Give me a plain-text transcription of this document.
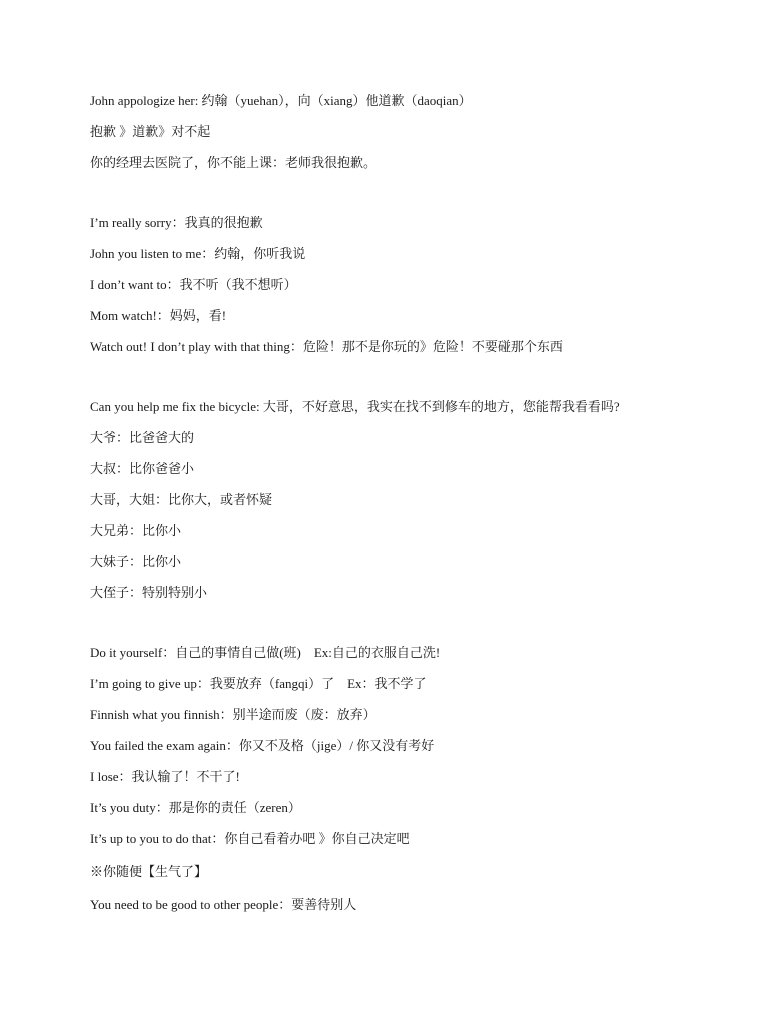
John appologize her: 约翰（yuehan），向（xiang）他道歉（daoqian）
抱歉 》道歉》对不起
你的经理去医院了，你不能上课：老师我很抱歉。
I’m really sorry：我真的很抱歉
John you listen to me：约翰，你听我说
I don’t want to：我不听（我不想听）
Mom watch!：妈妈，看!
Watch out! I don’t play with that thing：危险！那不是你玩的》危险！不要碰那个东西
Can you help me fix the bicycle: 大哥，不好意思，我实在找不到修车的地方，您能帮我看看吗?
大爷：比爸爸大的
大叔：比你爸爸小
大哥，大姐：比你大，或者怀疑
大兄弟：比你小
大妹子：比你小
大侄子：特别特别小
Do it yourself：自己的事情自己做(班)　Ex:自己的衣服自己洗!
I’m going to give up：我要放弃（fangqi）了　Ex：我不学了
Finnish what you finnish：别半途而废（废：放弃）
You failed the exam again：你又不及格（jige）/ 你又没有考好
I lose：我认输了！不干了!
It’s you duty：那是你的责任（zeren）
It’s up to you to do that：你自己看着办吧 》你自己决定吧
※你随便【生气了】
You need to be good to other people：要善待别人
